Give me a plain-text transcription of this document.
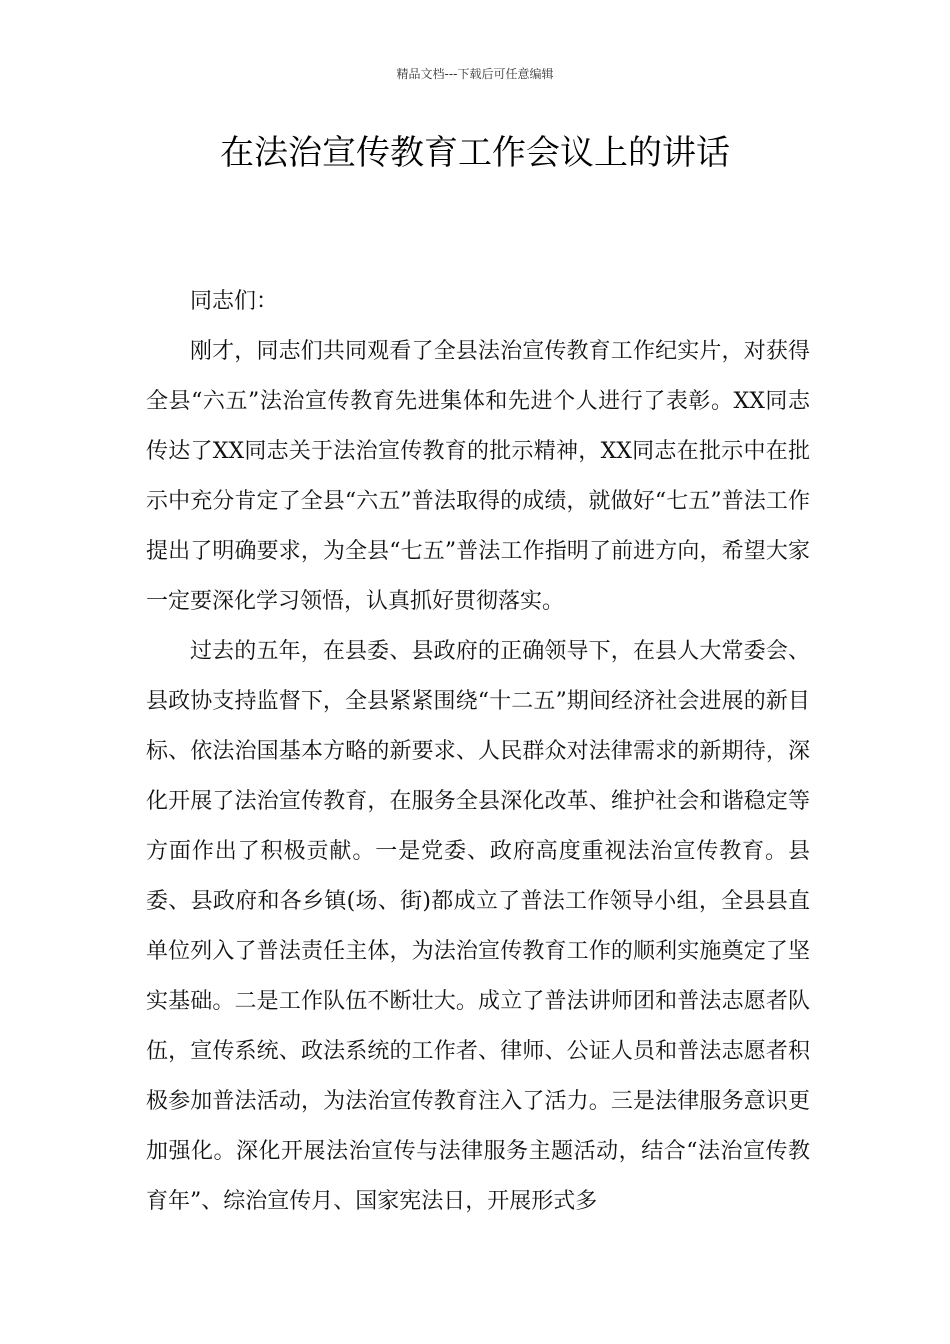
精品文档---下载后可任意编辑
在法治宣传教育工作会议上的讲话

同志们：

刚才，同志们共同观看了全县法治宣传教育工作纪实片，对获得全县“六五”法治宣传教育先进集体和先进个人进行了表彰。XX同志传达了XX同志关于法治宣传教育的批示精神，XX同志在批示中在批示中充分肯定了全县“六五”普法取得的成绩，就做好“七五”普法工作提出了明确要求，为全县“七五”普法工作指明了前进方向，希望大家一定要深化学习领悟，认真抓好贯彻落实。

过去的五年，在县委、县政府的正确领导下，在县人大常委会、县政协支持监督下，全县紧紧围绕“十二五”期间经济社会进展的新目标、依法治国基本方略的新要求、人民群众对法律需求的新期待，深化开展了法治宣传教育，在服务全县深化改革、维护社会和谐稳定等方面作出了积极贡献。一是党委、政府高度重视法治宣传教育。县委、县政府和各乡镇(场、街)都成立了普法工作领导小组，全县县直单位列入了普法责任主体，为法治宣传教育工作的顺利实施奠定了坚实基础。二是工作队伍不断壮大。成立了普法讲师团和普法志愿者队伍，宣传系统、政法系统的工作者、律师、公证人员和普法志愿者积极参加普法活动，为法治宣传教育注入了活力。三是法律服务意识更加强化。深化开展法治宣传与法律服务主题活动，结合“法治宣传教育年”、综治宣传月、国家宪法日，开展形式多
